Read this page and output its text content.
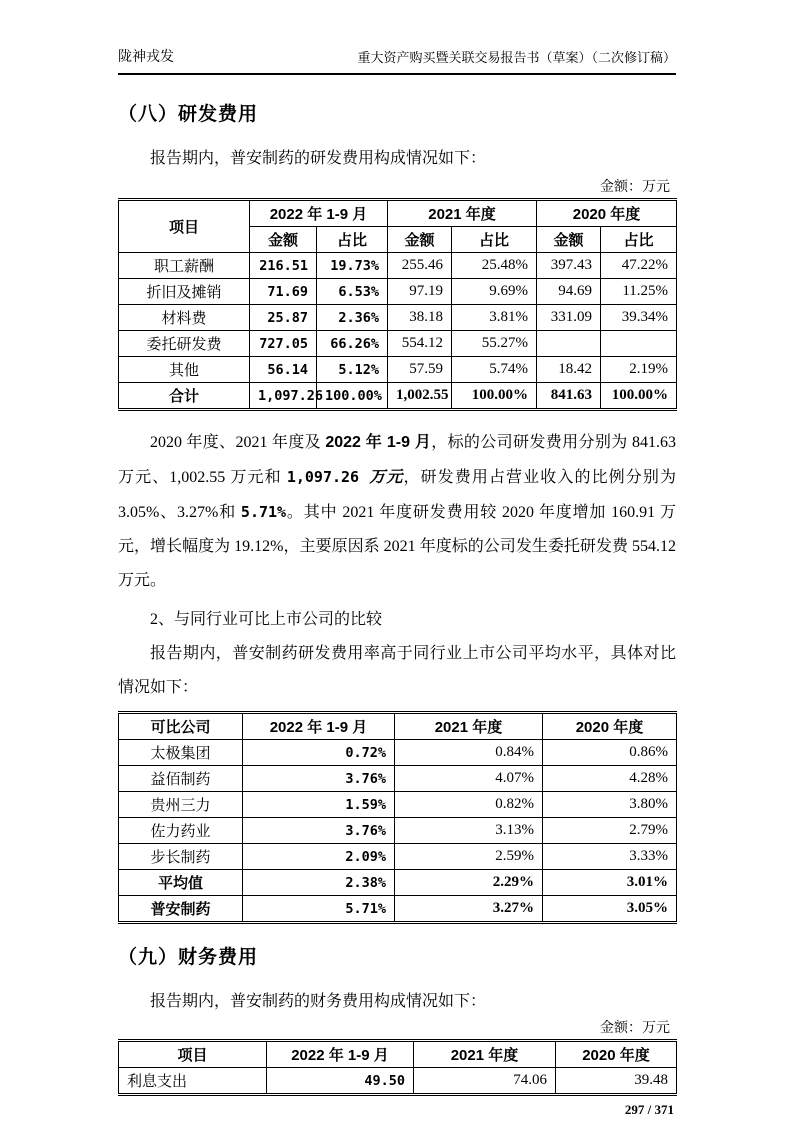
陇神戎发	重大资产购买暨关联交易报告书（草案）（二次修订稿）
（八）研发费用
报告期内，普安制药的研发费用构成情况如下：
金额：万元
项目	2022 年 1-9 月		2021 年度		2020 年度	
	金额	占比	金额	占比	金额	占比
职工薪酬	216.51	19.73%	255.46	25.48%	397.43	47.22%
折旧及摊销	71.69	6.53%	97.19	9.69%	94.69	11.25%
材料费	25.87	2.36%	38.18	3.81%	331.09	39.34%
委托研发费	727.05	66.26%	554.12	55.27%		
其他	56.14	5.12%	57.59	5.74%	18.42	2.19%
合计	1,097.26	100.00%	1,002.55	100.00%	841.63	100.00%

2020 年度、2021 年度及 2022 年 1-9 月，标的公司研发费用分别为 841.63 万元、1,002.55 万元和 1,097.26 万元，研发费用占营业收入的比例分别为 3.05%、3.27%和 5.71%。其中 2021 年度研发费用较 2020 年度增加 160.91 万元，增长幅度为 19.12%，主要原因系 2021 年度标的公司发生委托研发费 554.12 万元。

2、与同行业可比上市公司的比较

报告期内，普安制药研发费用率高于同行业上市公司平均水平，具体对比情况如下：

可比公司	2022 年 1-9 月	2021 年度	2020 年度
太极集团	0.72%	0.84%	0.86%
益佰制药	3.76%	4.07%	4.28%
贵州三力	1.59%	0.82%	3.80%
佐力药业	3.76%	3.13%	2.79%
步长制药	2.09%	2.59%	3.33%
平均值	2.38%	2.29%	3.01%
普安制药	5.71%	3.27%	3.05%
（九）财务费用
报告期内，普安制药的财务费用构成情况如下：
金额：万元
项目	2022 年 1-9 月	2021 年度	2020 年度
利息支出	49.50	74.06	39.48
297 / 371
